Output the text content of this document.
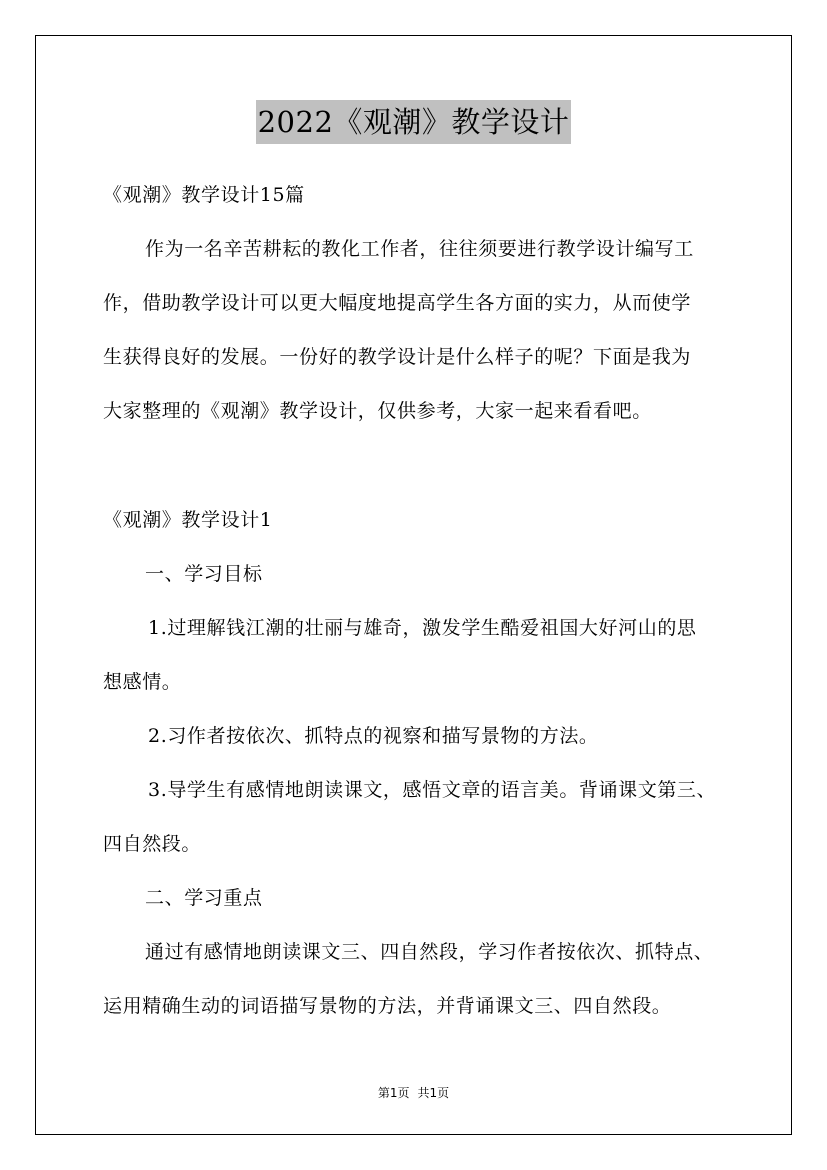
2022《观潮》教学设计
《观潮》教学设计15篇
作为一名辛苦耕耘的教化工作者，往往须要进行教学设计编写工
作，借助教学设计可以更大幅度地提高学生各方面的实力，从而使学
生获得良好的发展。一份好的教学设计是什么样子的呢？下面是我为
大家整理的《观潮》教学设计，仅供参考，大家一起来看看吧。
《观潮》教学设计1
一、学习目标
1.过理解钱江潮的壮丽与雄奇，激发学生酷爱祖国大好河山的思
想感情。
2.习作者按依次、抓特点的视察和描写景物的方法。
3.导学生有感情地朗读课文，感悟文章的语言美。背诵课文第三、
四自然段。
二、学习重点
通过有感情地朗读课文三、四自然段，学习作者按依次、抓特点、
运用精确生动的词语描写景物的方法，并背诵课文三、四自然段。
第1页 共1页
